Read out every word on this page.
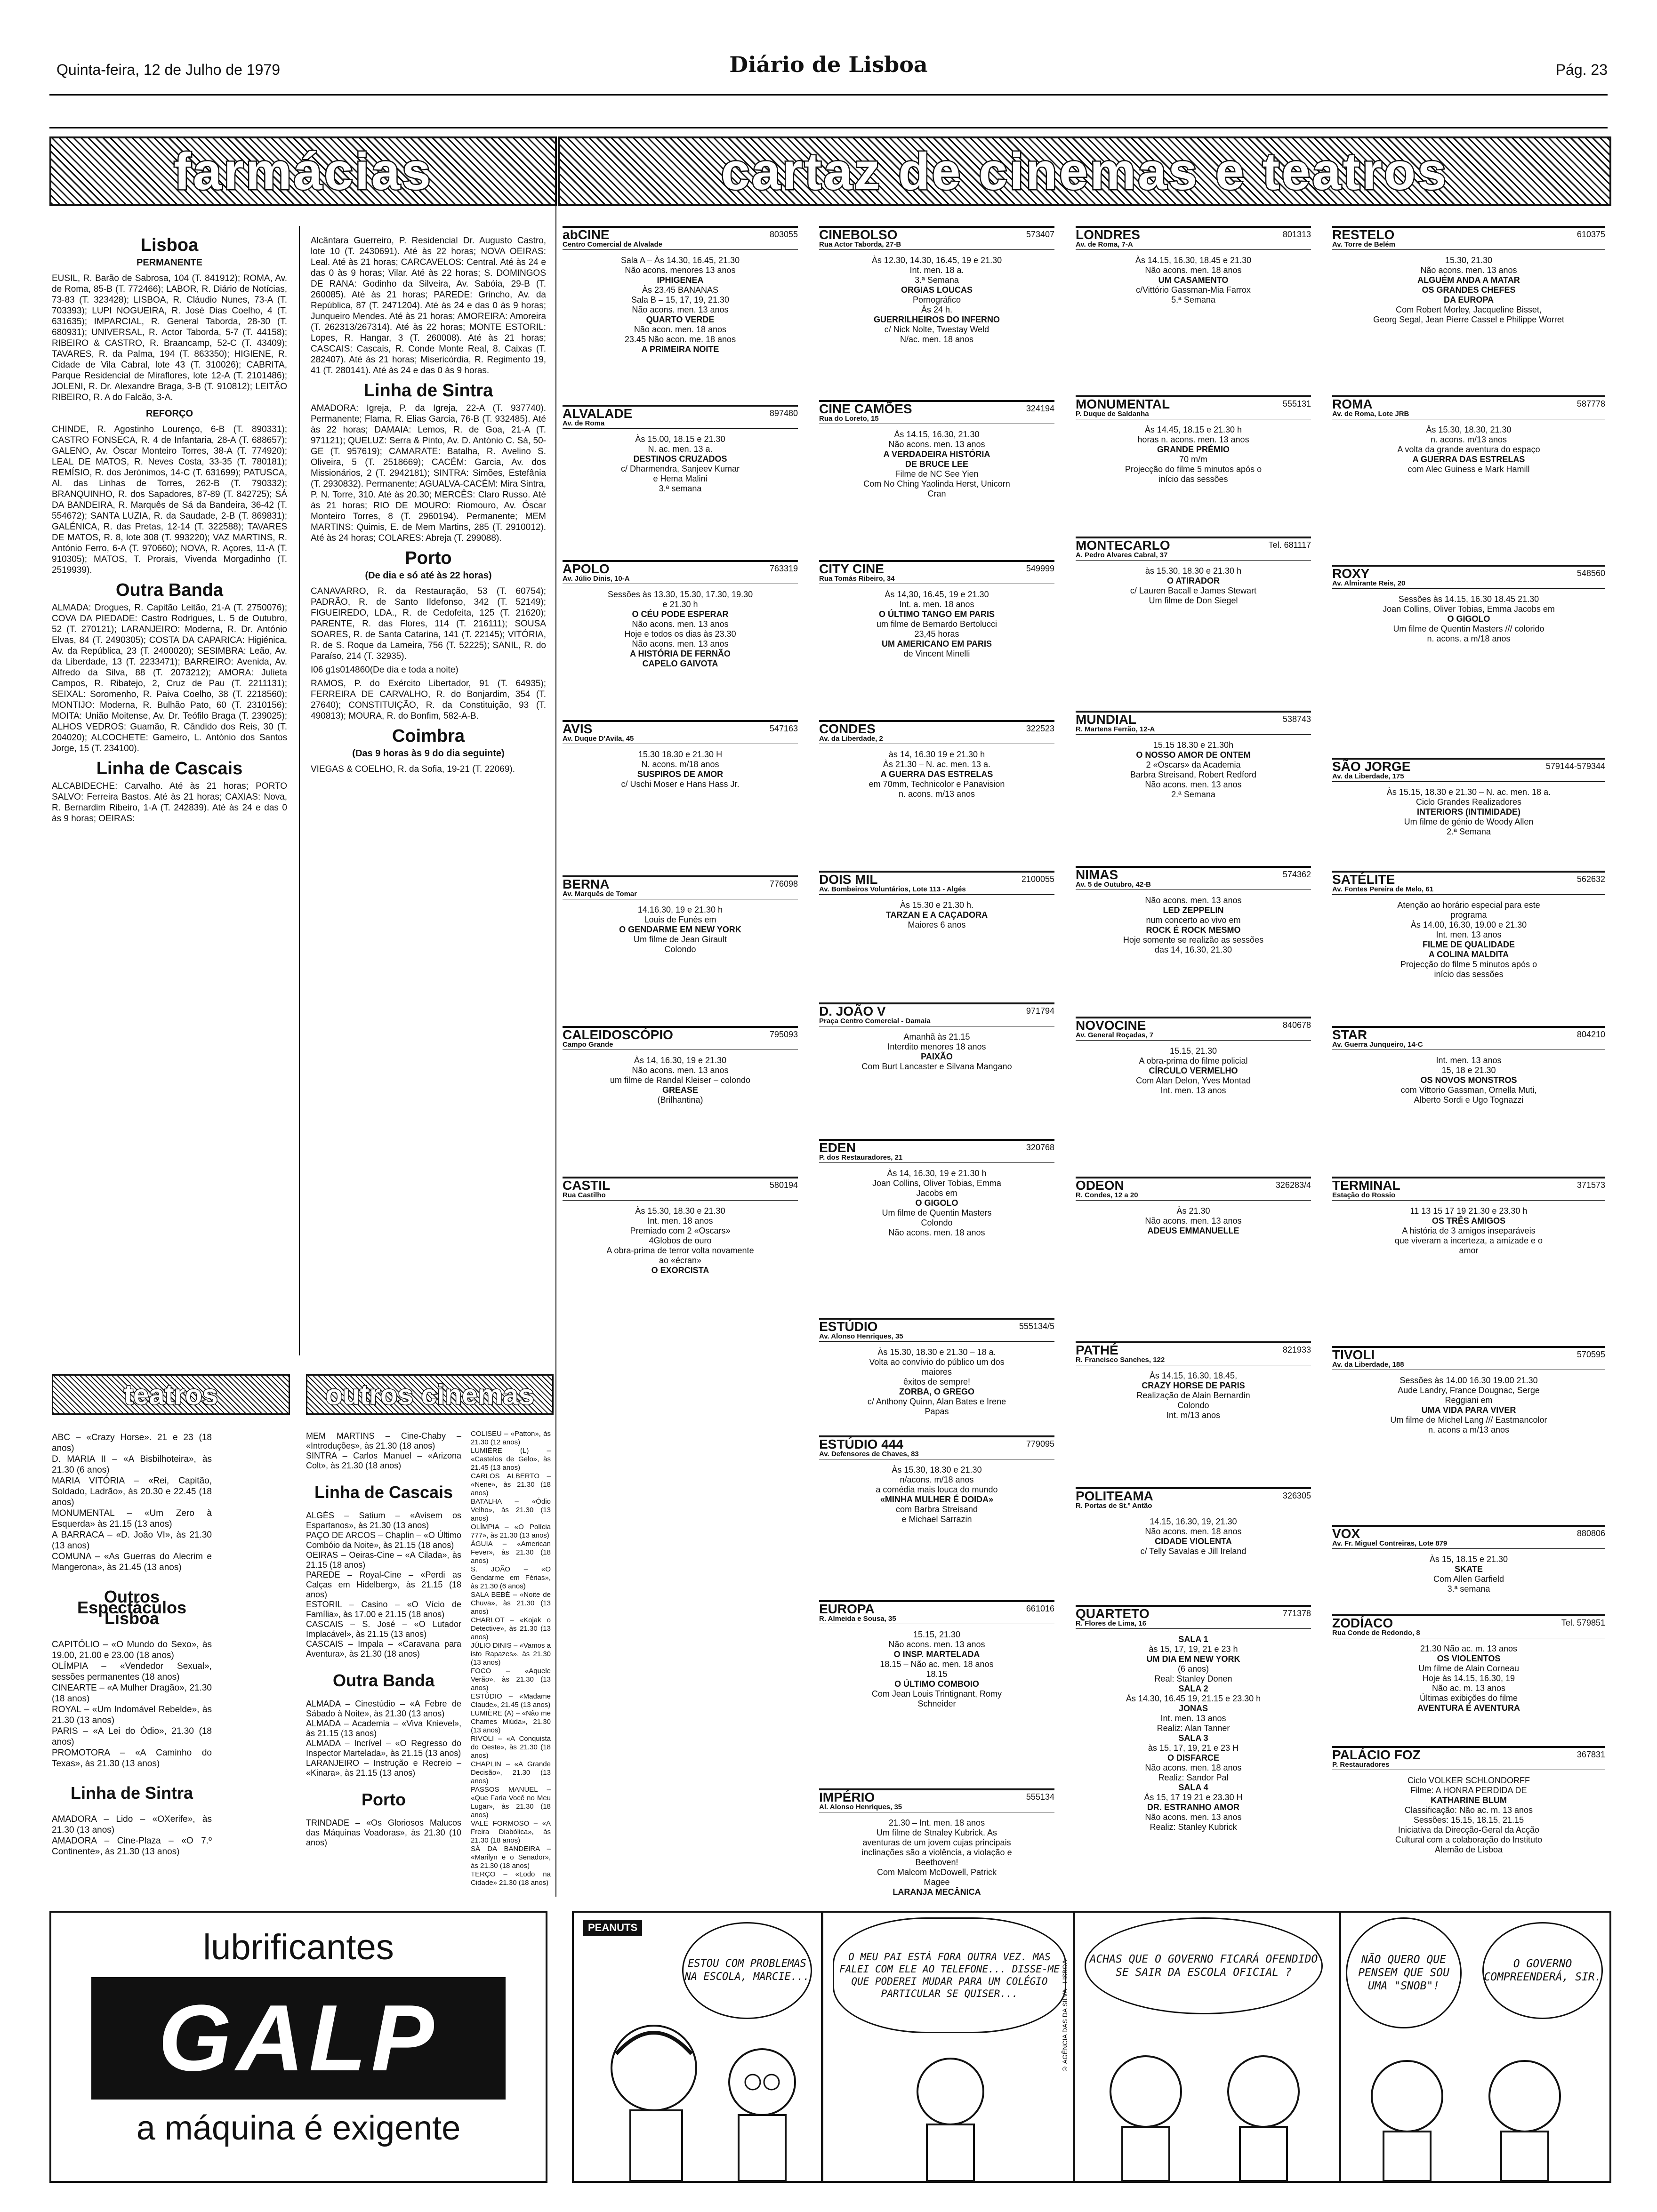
Quinta-feira, 12 de Julho de 1979	Diário de Lisboa	Pág. 23
farmácias	cartaz de cinemas e teatros
Lisboa
PERMANENTE

EUSIL, R. Barão de Sabrosa, 104 (T. 841912); ROMA, Av. de Roma, 85-B (T. 772466); LABOR, R. Diário de Notícias, 73-83 (T. 323428); LISBOA, R. Cláudio Nunes, 73-A (T. 703393); LUPI NOGUEIRA, R. José Dias Coelho, 4 (T. 631635); IMPARCIAL, R. General Taborda, 28-30 (T. 680931); UNIVERSAL, R. Actor Taborda, 5-7 (T. 44158); RIBEIRO & CASTRO, R. Braancamp, 52-C (T. 43409); TAVARES, R. da Palma, 194 (T. 863350); HIGIENE, R. Cidade de Vila Cabral, lote 43 (T. 310026); CABRITA, Parque Residencial de Miraflores, lote 12-A (T. 2101486); JOLENI, R. Dr. Alexandre Braga, 3-B (T. 910812); LEITÃO RIBEIRO, R. A do Falcão, 3-A.

REFORÇO

CHINDE, R. Agostinho Lourenço, 6-B (T. 890331); CASTRO FONSECA, R. 4 de Infantaria, 28-A (T. 688657); GALENO, Av. Óscar Monteiro Torres, 38-A (T. 774920); LEAL DE MATOS, R. Neves Costa, 33-35 (T. 780181); REMÍSIO, R. dos Jerónimos, 14-C (T. 631699); PATUSCA, Al. das Linhas de Torres, 262-B (T. 790332); BRANQUINHO, R. dos Sapadores, 87-89 (T. 842725); SÁ DA BANDEIRA, R. Marquês de Sá da Bandeira, 36-42 (T. 554672); SANTA LUZIA, R. da Saudade, 2-B (T. 869831); GALÉNICA, R. das Pretas, 12-14 (T. 322588); TAVARES DE MATOS, R. 8, lote 308 (T. 993220); VAZ MARTINS, R. António Ferro, 6-A (T. 970660); NOVA, R. Açores, 11-A (T. 910305); MATOS, T. Prorais, Vivenda Morgadinho (T. 2519939).

Outra Banda

ALMADA: Drogues, R. Capitão Leitão, 21-A (T. 2750076); COVA DA PIEDADE: Castro Rodrigues, L. 5 de Outubro, 52 (T. 270121); LARANJEIRO: Moderna, R. Dr. António Elvas, 84 (T. 2490305); COSTA DA CAPARICA: Higiénica, Av. da República, 23 (T. 2400020); SESIMBRA: Leão, Av. da Liberdade, 13 (T. 2233471); BARREIRO: Avenida, Av. Alfredo da Silva, 88 (T. 2073212); AMORA: Julieta Campos, R. Ribatejo, 2, Cruz de Pau (T. 2211131); SEIXAL: Soromenho, R. Paiva Coelho, 38 (T. 2218560); MONTIJO: Moderna, R. Bulhão Pato, 60 (T. 2310156); MOITA: União Moitense, Av. Dr. Teófilo Braga (T. 239025); ALHOS VEDROS: Guamão, R. Cândido dos Reis, 30 (T. 204020); ALCOCHETE: Gameiro, L. António dos Santos Jorge, 15 (T. 234100).

Linha de Cascais

ALCABIDECHE: Carvalho. Até às 21 horas; PORTO SALVO: Ferreira Bastos. Até às 21 horas; CAXIAS: Nova, R. Bernardim Ribeiro, 1-A (T. 242839). Até às 24 e das 0 às 9 horas; OEIRAS:

Alcântara Guerreiro, P. Residencial Dr. Augusto Castro, lote 10 (T. 2430691). Até às 22 horas; NOVA OEIRAS: Leal. Até às 21 horas; CARCAVELOS: Central. Até às 24 e das 0 às 9 horas; Vilar. Até às 22 horas; S. DOMINGOS DE RANA: Godinho da Silveira, Av. Sabóia, 29-B (T. 260085). Até às 21 horas; PAREDE: Grincho, Av. da República, 87 (T. 2471204). Até às 24 e das 0 às 9 horas; Junqueiro Mendes. Até às 21 horas; AMOREIRA: Amoreira (T. 262313/267314). Até às 22 horas; MONTE ESTORIL: Lopes, R. Hangar, 3 (T. 260008). Até às 21 horas; CASCAIS: Cascais, R. Conde Monte Real, 8. Caixas (T. 282407). Até às 21 horas; Misericórdia, R. Regimento 19, 41 (T. 280141). Até às 24 e das 0 às 9 horas.

Linha de Sintra

AMADORA: Igreja, P. da Igreja, 22-A (T. 937740). Permanente; Flama, R. Elias Garcia, 76-B (T. 932485). Até às 22 horas; DAMAIA: Lemos, R. de Goa, 21-A (T. 971121); QUELUZ: Serra & Pinto, Av. D. António C. Sá, 50-GE (T. 957619); CAMARATE: Batalha, R. Avelino S. Oliveira, 5 (T. 2518669); CACÉM: Garcia, Av. dos Missionários, 2 (T. 2942181); SINTRA: Simões, Estefânia (T. 2930832). Permanente; AGUALVA-CACÉM: Mira Sintra, P. N. Torre, 310. Até às 20.30; MERCÊS: Claro Russo. Até às 21 horas; RIO DE MOURO: Riomouro, Av. Óscar Monteiro Torres, 8 (T. 2960194). Permanente; MEM MARTINS: Quimis, E. de Mem Martins, 285 (T. 2910012). Até às 24 horas; COLARES: Abreja (T. 299088).

Porto
(De dia e só até às 22 horas)

CANAVARRO, R. da Restauração, 53 (T. 60754); PADRÃO, R. de Santo Ildefonso, 342 (T. 52149); FIGUEIREDO, LDA., R. de Cedofeita, 125 (T. 21620); PARENTE, R. das Flores, 114 (T. 216111); SOUSA SOARES, R. de Santa Catarina, 141 (T. 22145); VITÓRIA, R. de S. Roque da Lameira, 756 (T. 52225); SANIL, R. do Paraíso, 214 (T. 32935).

I06 g1s014860(De dia e toda a noite)

RAMOS, P. do Exército Libertador, 91 (T. 64935); FERREIRA DE CARVALHO, R. do Bonjardim, 354 (T. 27640); CONSTITUIÇÃO, R. da Constituição, 93 (T. 490813); MOURA, R. do Bonfim, 582-A-B.

Coimbra
(Das 9 horas às 9 do dia seguinte)

VIEGAS & COELHO, R. da Sofia, 19-21 (T. 22069).

teatros	outros cinemas

ABC – «Crazy Horse». 21 e 23 (18 anos)
D. MARIA II – «A Bisbilhoteira», às 21.30 (6 anos)
MARIA VITÓRIA – «Rei, Capitão, Soldado, Ladrão», às 20.30 e 22.45 (18 anos)
MONUMENTAL – «Um Zero à Esquerda» às 21.15 (13 anos)
A BARRACA – «D. João VI», às 21.30 (13 anos)
COMUNA – «As Guerras do Alecrim e Mangerona», às 21.45 (13 anos)

Outros Espectáculos Lisboa

CAPITÓLIO – «O Mundo do Sexo», às 19.00, 21.00 e 23.00 (18 anos)
OLÍMPIA – «Vendedor Sexual», sessões permanentes (18 anos)
CINEARTE – «A Mulher Dragão», 21.30 (18 anos)
ROYAL – «Um Indomável Rebelde», às 21.30 (13 anos)
PARIS – «A Lei do Ódio», 21.30 (18 anos)
PROMOTORA – «A Caminho do Texas», às 21.30 (13 anos)

Linha de Sintra

AMADORA – Lido – «OXerife», às 21.30 (13 anos)
AMADORA – Cine-Plaza – «O 7.º Continente», às 21.30 (13 anos)

MEM MARTINS – Cine-Chaby – «Introduções», às 21.30 (18 anos)
SINTRA – Carlos Manuel – «Arizona Colt», às 21.30 (18 anos)

Linha de Cascais

ALGÉS – Satium – «Avisem os Espartanos», às 21.30 (13 anos)
PAÇO DE ARCOS – Chaplin – «O Último Combóio da Noite», às 21.15 (18 anos)
OEIRAS – Oeiras-Cine – «A Cilada», às 21.15 (18 anos)
PAREDE – Royal-Cine – «Perdi as Calças em Hidelberg», às 21.15 (18 anos)
ESTORIL – Casino – «O Vício de Família», às 17.00 e 21.15 (18 anos)
CASCAIS – S. José – «O Lutador Implacável», às 21.15 (13 anos)
CASCAIS – Impala – «Caravana para Aventura», às 21.30 (18 anos)

Outra Banda

ALMADA – Cinestúdio – «A Febre de Sábado à Noite», às 21.30 (13 anos)
ALMADA – Academia – «Viva Knievel», às 21.15 (13 anos)
ALMADA – Incrível – «O Regresso do Inspector Martelada», às 21.15 (13 anos)
LARANJEIRO – Instrução e Recreio – «Kinara», às 21.15 (13 anos)

Porto

TRINDADE – «Os Gloriosos Malucos das Máquinas Voadoras», às 21.30 (10 anos)

COLISEU – «Patton», às 21.30 (12 anos)
LUMIÈRE (L) – «Castelos de Gelo», às 21.45 (13 anos)
CARLOS ALBERTO – «Nene», às 21.30 (18 anos)
BATALHA – «Ódio Velho», às 21.30 (13 anos)
OLÍMPIA – «O Polícia 777», às 21.30 (13 anos)
ÁGUIA – «American Fever», às 21.30 (18 anos)
S. JOÃO – «O Gendarme em Férias», às 21.30 (6 anos)
SALA BEBÉ – «Noite de Chuva», às 21.30 (13 anos)
CHARLOT – «Kojak o Detective», às 21.30 (13 anos)
JÚLIO DINIS – «Vamos a isto Rapazes», às 21.30 (13 anos)
FOCO – «Aquele Verão», às 21.30 (13 anos)
ESTÚDIO – «Madame Claude», 21.45 (13 anos)
LUMIÈRE (A) – «Não me Chames Miúda», 21.30 (13 anos)
RIVOLI – «A Conquista do Oeste», às 21.30 (18 anos)
CHAPLIN – «A Grande Decisão», 21.30 (13 anos)
PASSOS MANUEL – «Que Faria Você no Meu Lugar», às 21.30 (18 anos)
VALE FORMOSO – «A Freira Diabólica», às 21.30 (18 anos)
SÁ DA BANDEIRA – «Marilyn e o Senador», às 21.30 (18 anos)
TERÇO – «Lodo na Cidade» 21.30 (18 anos)

abCINE	803055
Centro Comercial de Alvalade

Sala A – Às 14.30, 16.45, 21.30

Não acons. menores 13 anos

IPHIGENEA

Às 23.45 BANANAS

Sala B – 15, 17, 19, 21.30

Não acons. men. 13 anos

QUARTO VERDE

Não acon. men. 18 anos

23.45 Não acon. me. 18 anos

A PRIMEIRA NOITE

ALVALADE	897480
Av. de Roma

Às 15.00, 18.15 e 21.30

N. ac. men. 13 a.

DESTINOS CRUZADOS

c/ Dharmendra, Sanjeev Kumar

e Hema Malini

3.ª semana

APOLO	763319
Av. Júlio Dinis, 10-A

Sessões às 13.30, 15.30, 17.30, 19.30

e 21.30 h

O CÉU PODE ESPERAR

Não acons. men. 13 anos

Hoje e todos os dias às 23.30

Não acons. men. 13 anos

A HISTÓRIA DE FERNÃO

CAPELO GAIVOTA

AVIS	547163
Av. Duque D'Avila, 45

15.30 18.30 e 21.30 H

N. acons. m/18 anos

SUSPIROS DE AMOR

c/ Uschi Moser e Hans Hass Jr.

BERNA	776098
Av. Marquês de Tomar

14.16.30, 19 e 21.30 h

Louis de Funès em

O GENDARME EM NEW YORK

Um filme de Jean Girault

Colondo

CALEIDOSCÓPIO	795093
Campo Grande

Às 14, 16.30, 19 e 21.30

Não acons. men. 13 anos

um filme de Randal Kleiser – colondo

GREASE

(Brilhantina)

CASTIL	580194
Rua Castilho

Às 15.30, 18.30 e 21.30

Int. men. 18 anos

Premiado com 2 «Oscars»

4Globos de ouro

A obra-prima de terror volta novamente

ao «écran»

O EXORCISTA

CINEBOLSO	573407
Rua Actor Taborda, 27-B

Às 12.30, 14.30, 16.45, 19 e 21.30

Int. men. 18 a.

3.ª Semana

ORGIAS LOUCAS

Pornográfico

Às 24 h.

GUERRILHEIROS DO INFERNO

c/ Nick Nolte, Twestay Weld

N/ac. men. 18 anos

CINE CAMÕES	324194
Rua do Loreto, 15

Às 14.15, 16.30, 21.30

Não acons. men. 13 anos

A VERDADEIRA HISTÓRIA

DE BRUCE LEE

Filme de NC See Yien

Com No Ching Yaolinda Herst, Unicorn

Cran

CITY CINE	549999
Rua Tomás Ribeiro, 34

Às 14,30, 16.45, 19 e 21.30

Int. a. men. 18 anos

O ÚLTIMO TANGO EM PARIS

um filme de Bernardo Bertolucci

23,45 horas

UM AMERICANO EM PARIS

de Vincent Minelli

CONDES	322523
Av. da Liberdade, 2

às 14, 16.30 19 e 21.30 h

Às 21.30 – N. ac. men. 13 a.

A GUERRA DAS ESTRELAS

em 70mm, Technicolor e Panavision

n. acons. m/13 anos

DOIS MIL	2100055
Av. Bombeiros Voluntários, Lote 113 - Algés

Às 15.30 e 21.30 h.

TARZAN E A CAÇADORA

Maiores 6 anos

D. JOÃO V	971794
Praça Centro Comercial - Damaia

Amanhã às 21.15

Interdito menores 18 anos

PAIXÃO

Com Burt Lancaster e Silvana Mangano

EDEN	320768
P. dos Restauradores, 21

Às 14, 16.30, 19 e 21.30 h

Joan Collins, Oliver Tobias, Emma

Jacobs em

O GIGOLO

Um filme de Quentin Masters

Colondo

Não acons. men. 18 anos

ESTÚDIO	555134/5
Av. Alonso Henriques, 35

Às 15.30, 18.30 e 21.30 – 18 a.

Volta ao convívio do público um dos

maiores

êxitos de sempre!

ZORBA, O GREGO

c/ Anthony Quinn, Alan Bates e Irene

Papas

ESTÚDIO 444	779095
Av. Defensores de Chaves, 83

Às 15.30, 18.30 e 21.30

n/acons. m/18 anos

a comédia mais louca do mundo

«MINHA MULHER É DOIDA»

com Barbra Streisand

e Michael Sarrazin

EUROPA	661016
R. Almeida e Sousa, 35

15.15, 21.30

Não acons. men. 13 anos

O INSP. MARTELADA

18.15 – Não ac. men. 18 anos

18.15

O ÚLTIMO COMBOIO

Com Jean Louis Trintignant, Romy

Schneider

IMPÉRIO	555134
Al. Alonso Henriques, 35

21.30 – Int. men. 18 anos

Um filme de Stnaley Kubrick. As

aventuras de um jovem cujas principais

inclinações são a violência, a violação e

Beethoven!

Com Malcom McDowell, Patrick

Magee

LARANJA MECÂNICA

LONDRES	801313
Av. de Roma, 7-A

Às 14.15, 16.30, 18.45 e 21.30

Não acons. men. 18 anos

UM CASAMENTO

c/Vittório Gassman-Mia Farrox

5.ª Semana

MONUMENTAL	555131
P. Duque de Saldanha

Às 14.45, 18.15 e 21.30 h

horas n. acons. men. 13 anos

GRANDE PRÉMIO

70 m/m

Projecção do filme 5 minutos após o

início das sessões

MONTECARLO	Tel. 681117
A. Pedro Alvares Cabral, 37

às 15.30, 18.30 e 21.30 h

O ATIRADOR

c/ Lauren Bacall e James Stewart

Um filme de Don Siegel

MUNDIAL	538743
R. Martens Ferrão, 12-A

15.15 18.30 e 21.30h

O NOSSO AMOR DE ONTEM

2 «Oscars» da Academia

Barbra Streisand, Robert Redford

Não acons. men. 13 anos

2.ª Semana

NIMAS	574362
Av. 5 de Outubro, 42-B

Não acons. men. 13 anos

LED ZEPPELIN

num concerto ao vivo em

ROCK É ROCK MESMO

Hoje somente se realizão as sessões

das 14, 16.30, 21.30

NOVOCINE	840678
Av. General Roçadas, 7

15.15, 21.30

A obra-prima do filme policial

CÍRCULO VERMELHO

Com Alan Delon, Yves Montad

Int. men. 13 anos

ODEON	326283/4
R. Condes, 12 a 20

Às 21.30

Não acons. men. 13 anos

ADEUS EMMANUELLE

PATHÉ	821933
R. Francisco Sanches, 122

Às 14.15, 16.30, 18.45,

CRAZY HORSE DE PARIS

Realização de Alain Bernardin

Colondo

Int. m/13 anos

POLITEAMA	326305
R. Portas de St.º Antão

14.15, 16.30, 19, 21.30

Não acons. men. 18 anos

CIDADE VIOLENTA

c/ Telly Savalas e Jill Ireland

QUARTETO	771378
R. Flores de Lima, 16

SALA 1

às 15, 17, 19, 21 e 23 h

UM DIA EM NEW YORK

(6 anos)

Real: Stanley Donen

SALA 2

Às 14.30, 16.45 19, 21.15 e 23.30 h

JONAS

Int. men. 13 anos

Realiz: Alan Tanner

SALA 3

às 15, 17, 19, 21 e 23 H

O DISFARCE

Não acons. men. 18 anos

Realiz: Sandor Pal

SALA 4

Às 15, 17 19 21 e 23.30 H

DR. ESTRANHO AMOR

Não acons. men. 13 anos

Realiz: Stanley Kubrick

RESTELO	610375
Av. Torre de Belém

15.30, 21.30

Não acons. men. 13 anos

ALGUÉM ANDA A MATAR

OS GRANDES CHEFES

DA EUROPA

Com Robert Morley, Jacqueline Bisset,

Georg Segal, Jean Pierre Cassel e Philippe Worret

ROMA	587778
Av. de Roma, Lote JRB

Às 15.30, 18.30, 21.30

n. acons. m/13 anos

A volta da grande aventura do espaço

A GUERRA DAS ESTRELAS

com Alec Guiness e Mark Hamill

ROXY	548560
Av. Almirante Reis, 20

Sessões às 14.15, 16.30 18.45 21.30

Joan Collins, Oliver Tobias, Emma Jacobs em

O GIGOLO

Um filme de Quentin Masters /// colorido

n. acons. a m/18 anos

SÃO JORGE	579144-579344
Av. da Liberdade, 175

Às 15.15, 18.30 e 21.30 – N. ac. men. 18 a.

Ciclo Grandes Realizadores

INTERIORS (INTIMIDADE)

Um filme de génio de Woody Allen

2.ª Semana

SATÉLITE	562632
Av. Fontes Pereira de Melo, 61

Atenção ao horário especial para este

programa

Às 14.00, 16.30, 19.00 e 21.30

Int. men. 13 anos

FILME DE QUALIDADE

A COLINA MALDITA

Projecção do filme 5 minutos após o

início das sessões

STAR	804210
Av. Guerra Junqueiro, 14-C

Int. men. 13 anos

15, 18 e 21.30

OS NOVOS MONSTROS

com Vittorio Gassman, Ornella Muti,

Alberto Sordi e Ugo Tognazzi

TERMINAL	371573
Estação do Rossio

11 13 15 17 19 21.30 e 23.30 h

OS TRÊS AMIGOS

A história de 3 amigos inseparáveis

que viveram a incerteza, a amizade e o

amor

TIVOLI	570595
Av. da Liberdade, 188

Sessões às 14.00 16.30 19.00 21.30

Aude Landry, France Dougnac, Serge

Reggiani em

UMA VIDA PARA VIVER

Um filme de Michel Lang /// Eastmancolor

n. acons a m/13 anos

VOX	880806
Av. Fr. Miguel Contreiras, Lote 879

Às 15, 18.15 e 21.30

SKATE

Com Allen Garfield

3.ª semana

ZODÍACO	Tel. 579851
Rua Conde de Redondo, 8

21.30 Não ac. m. 13 anos

OS VIOLENTOS

Um filme de Alain Corneau

Hoje às 14.15, 16.30, 19

Não ac. m. 13 anos

Últimas exibições do filme

AVENTURA É AVENTURA

PALÁCIO FOZ	367831
P. Restauradores

Ciclo VOLKER SCHLONDORFF

Filme: A HONRA PERDIDA DE

KATHARINE BLUM

Classificação: Não ac. m. 13 anos

Sessões: 15.15, 18.15, 21.15

Iniciativa da Direcção-Geral da Acção

Cultural com a colaboração do Instituto

Alemão de Lisboa

lubrificantes
GALP
a máquina é exigente
PEANUTS
ESTOU COM PROBLEMAS NA ESCOLA, MARCIE...
O MEU PAI ESTÁ FORA OUTRA VEZ. MAS FALEI COM ELE AO TELEFONE... DISSE-ME QUE PODEREI MUDAR PARA UM COLÉGIO PARTICULAR SE QUISER...	© AGÊNCIA DAS DA SILVA - LISBOA
ACHAS QUE O GOVERNO FICARÁ OFENDIDO SE SAIR DA ESCOLA OFICIAL ?
NÃO QUERO QUE PENSEM QUE SOU UMA "SNOB"!
O GOVERNO COMPREENDERÁ, SIR.
